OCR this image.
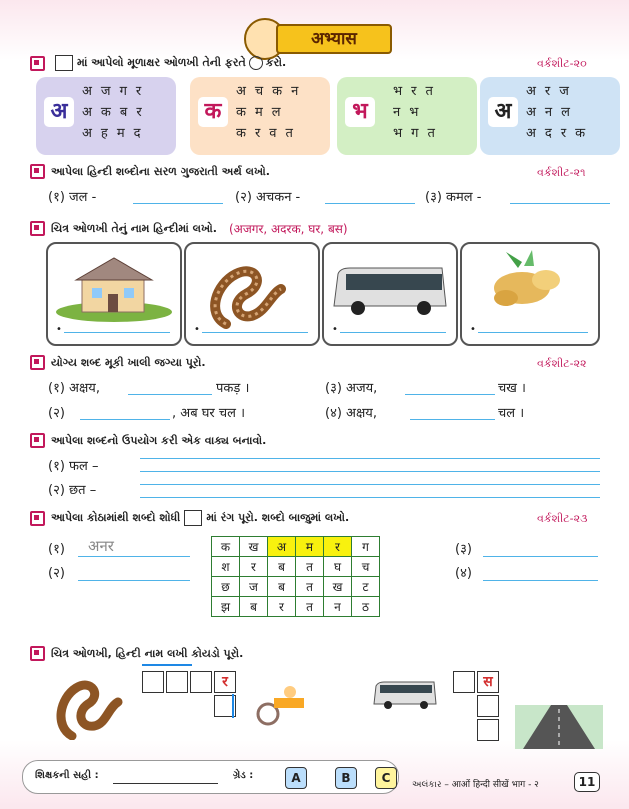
अभ्यास
માં આપેલો મૂળાક્ષર ઓળખી તેની ફરતે કરો.	વર્કશીટ-૨૦
अ
अजगर
अकबर
अहमद
क
अचकन
कमल
करवत
भ
भरत
नभ
भगत
अ
अरज
अनल
अदरक
આપેલા હિન્દી શબ્દોના સરળ ગુજરાતી અર્થ લખો.	વર્કશીટ-૨૧
(१) जल -	(२) अचकन -	(३) कमल -
ચિત્ર ઓળખી તેનું નામ હિન્દીમાં લખો. (अजगर, अदरक, घर, बस)
•	•	•	•
યોગ્ય શબ્દ મૂકી ખાલી જગ્યા પૂરો.	વર્કશીટ-૨૨
(१) अक्षय,	पकड़ ।	(३) अजय,	चख ।
(२)	, अब घर चल ।	(४) अक्षय,	चल ।
આપેલા શબ્દનો ઉપયોગ કરી એક વાક્ય બનાવો.
(१) फल –
(२) छत –
આપેલા કોઠામાંથી શબ્દો શોધી માં રંગ પૂરો. શબ્દો બાજુમાં લખો.	વર્કશીટ-૨૩
(१) अनर
(२)
क	ख	अ	म	र	ग
श	र	ब	त	घ	च
छ	ज	ब	त	ख	ट
झ	ब	र	त	न	ठ
(३)
(४)
ચિત્ર ઓળખી, હિન્દી નામ લખી કોયડો પૂરો.
र	स
શિક્ષકની સહી :	ગ્રેડ :	A	B	C	અલંકાર – आओं हिन्दी सीखें भाग - २	11
